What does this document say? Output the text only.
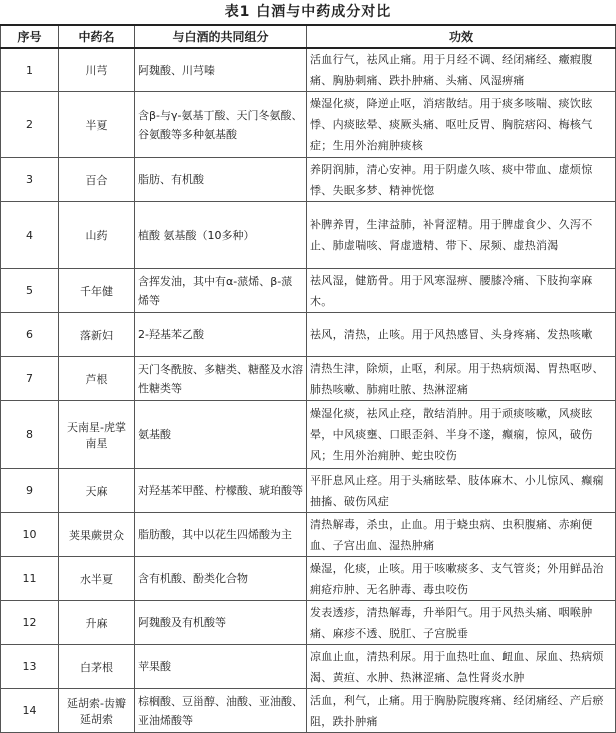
表1 白酒与中药成分对比
序号	中药名	与白酒的共同组分	功效
1	川芎	阿魏酸、川芎嗪	活血行气，祛风止痛。用于月经不调、经闭痛经、癥瘕腹痛、胸胁刺痛、跌扑肿痛、头痛、风湿痹痛
2	半夏	含β-与γ-氨基丁酸、天门冬氨酸、谷氨酸等多种氨基酸	燥湿化痰，降逆止呕，消痞散结。用于痰多咳喘、痰饮眩悸、内痰眩晕、痰厥头痛、呕吐反胃、胸脘痞闷、梅核气症；生用外治痈肿痰核
3	百合	脂肪、有机酸	养阴润肺，清心安神。用于阴虚久咳、痰中带血、虚烦惊悸、失眠多梦、精神恍惚
4	山药	植酸 氨基酸（10多种）	补脾养胃，生津益肺，补肾涩精。用于脾虚食少、久泻不止、肺虚喘咳、肾虚遗精、带下、尿频、虚热消渴
5	千年健	含挥发油，其中有α-蒎烯、β-蒎烯等	祛风湿，健筋骨。用于风寒湿痹、腰膝冷痛、下肢拘挛麻木。
6	落新妇	2-羟基苯乙酸	祛风，清热，止咳。用于风热感冒、头身疼痛、发热咳嗽
7	芦根	天门冬酰胺、多糖类、糖醛及水溶性糖类等	清热生津，除烦，止呕，利尿。用于热病烦渴、胃热呕哕、肺热咳嗽、肺痈吐脓、热淋涩痛
8	天南星-虎掌南星	氨基酸	燥湿化痰，祛风止痉，散结消肿。用于顽痰咳嗽，风痰眩晕，中风痰壅、口眼歪斜、半身不遂，癫痫，惊风，破伤风；生用外治痈肿、蛇虫咬伤
9	天麻	对羟基苯甲醛、柠檬酸、琥珀酸等	平肝息风止痉。用于头痛眩晕、肢体麻木、小儿惊风、癫痫抽搐、破伤风症
10	荚果蕨贯众	脂肪酸，其中以花生四烯酸为主	清热解毒，杀虫，止血。用于蛲虫病、虫积腹痛、赤痢便血、子宫出血、湿热肿痛
11	水半夏	含有机酸、酚类化合物	燥湿，化痰，止咳。用于咳嗽痰多、支气管炎；外用鲜品治痈疮疖肿、无名肿毒、毒虫咬伤
12	升麻	阿魏酸及有机酸等	发表透疹，清热解毒，升举阳气。用于风热头痛、咽喉肿痛、麻疹不透、脱肛、子宫脱垂
13	白茅根	苹果酸	凉血止血，清热利尿。用于血热吐血、衄血、尿血、热病烦渴、黄疸、水肿、热淋涩痛、急性肾炎水肿
14	延胡索-齿瓣延胡索	棕榈酸、豆甾醇、油酸、亚油酸、亚油烯酸等	活血，利气，止痛。用于胸胁院腹疼痛、经闭痛经、产后瘀阻，跌扑肿痛
